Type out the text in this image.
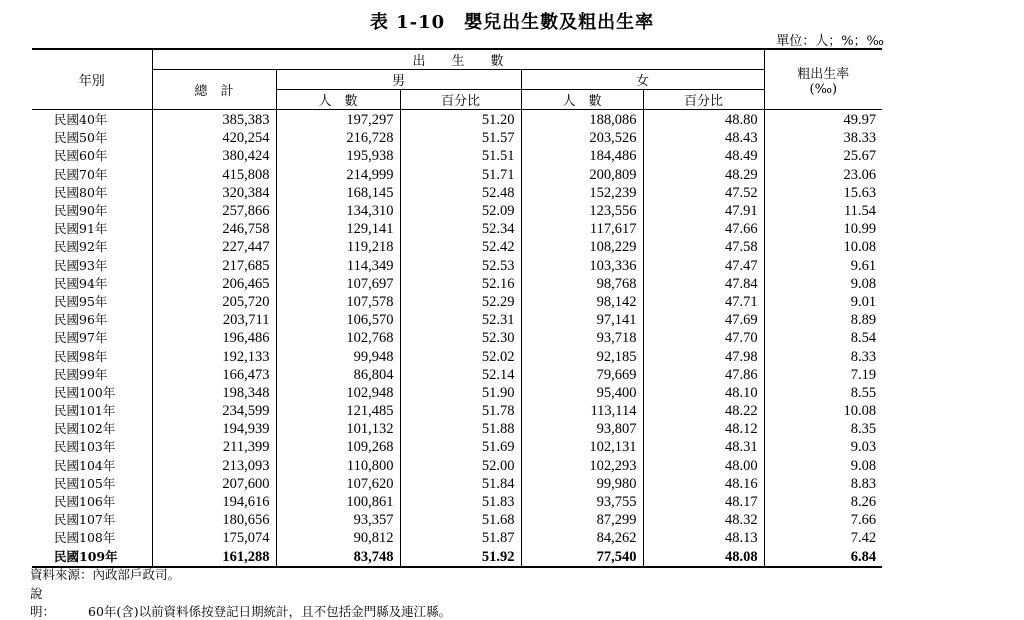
表 1-10　嬰兒出生數及粗出生率
單位：人；%；‰
年別	出　　生　　數					粗出生率
(‰)

	總　計	男		女		
		人　數	百分比	人　數	百分比	
民國40年	385,383	197,297	51.20	188,086	48.80	49.97
民國50年	420,254	216,728	51.57	203,526	48.43	38.33
民國60年	380,424	195,938	51.51	184,486	48.49	25.67
民國70年	415,808	214,999	51.71	200,809	48.29	23.06
民國80年	320,384	168,145	52.48	152,239	47.52	15.63
民國90年	257,866	134,310	52.09	123,556	47.91	11.54
民國91年	246,758	129,141	52.34	117,617	47.66	10.99
民國92年	227,447	119,218	52.42	108,229	47.58	10.08
民國93年	217,685	114,349	52.53	103,336	47.47	9.61
民國94年	206,465	107,697	52.16	98,768	47.84	9.08
民國95年	205,720	107,578	52.29	98,142	47.71	9.01
民國96年	203,711	106,570	52.31	97,141	47.69	8.89
民國97年	196,486	102,768	52.30	93,718	47.70	8.54
民國98年	192,133	99,948	52.02	92,185	47.98	8.33
民國99年	166,473	86,804	52.14	79,669	47.86	7.19
民國100年	198,348	102,948	51.90	95,400	48.10	8.55
民國101年	234,599	121,485	51.78	113,114	48.22	10.08
民國102年	194,939	101,132	51.88	93,807	48.12	8.35
民國103年	211,399	109,268	51.69	102,131	48.31	9.03
民國104年	213,093	110,800	52.00	102,293	48.00	9.08
民國105年	207,600	107,620	51.84	99,980	48.16	8.83
民國106年	194,616	100,861	51.83	93,755	48.17	8.26
民國107年	180,656	93,357	51.68	87,299	48.32	7.66
民國108年	175,074	90,812	51.87	84,262	48.13	7.42
民國109年	161,288	83,748	51.92	77,540	48.08	6.84
資料來源：內政部戶政司。
說　　明：	60年(含)以前資料係按登記日期統計，且不包括金門縣及連江縣。
